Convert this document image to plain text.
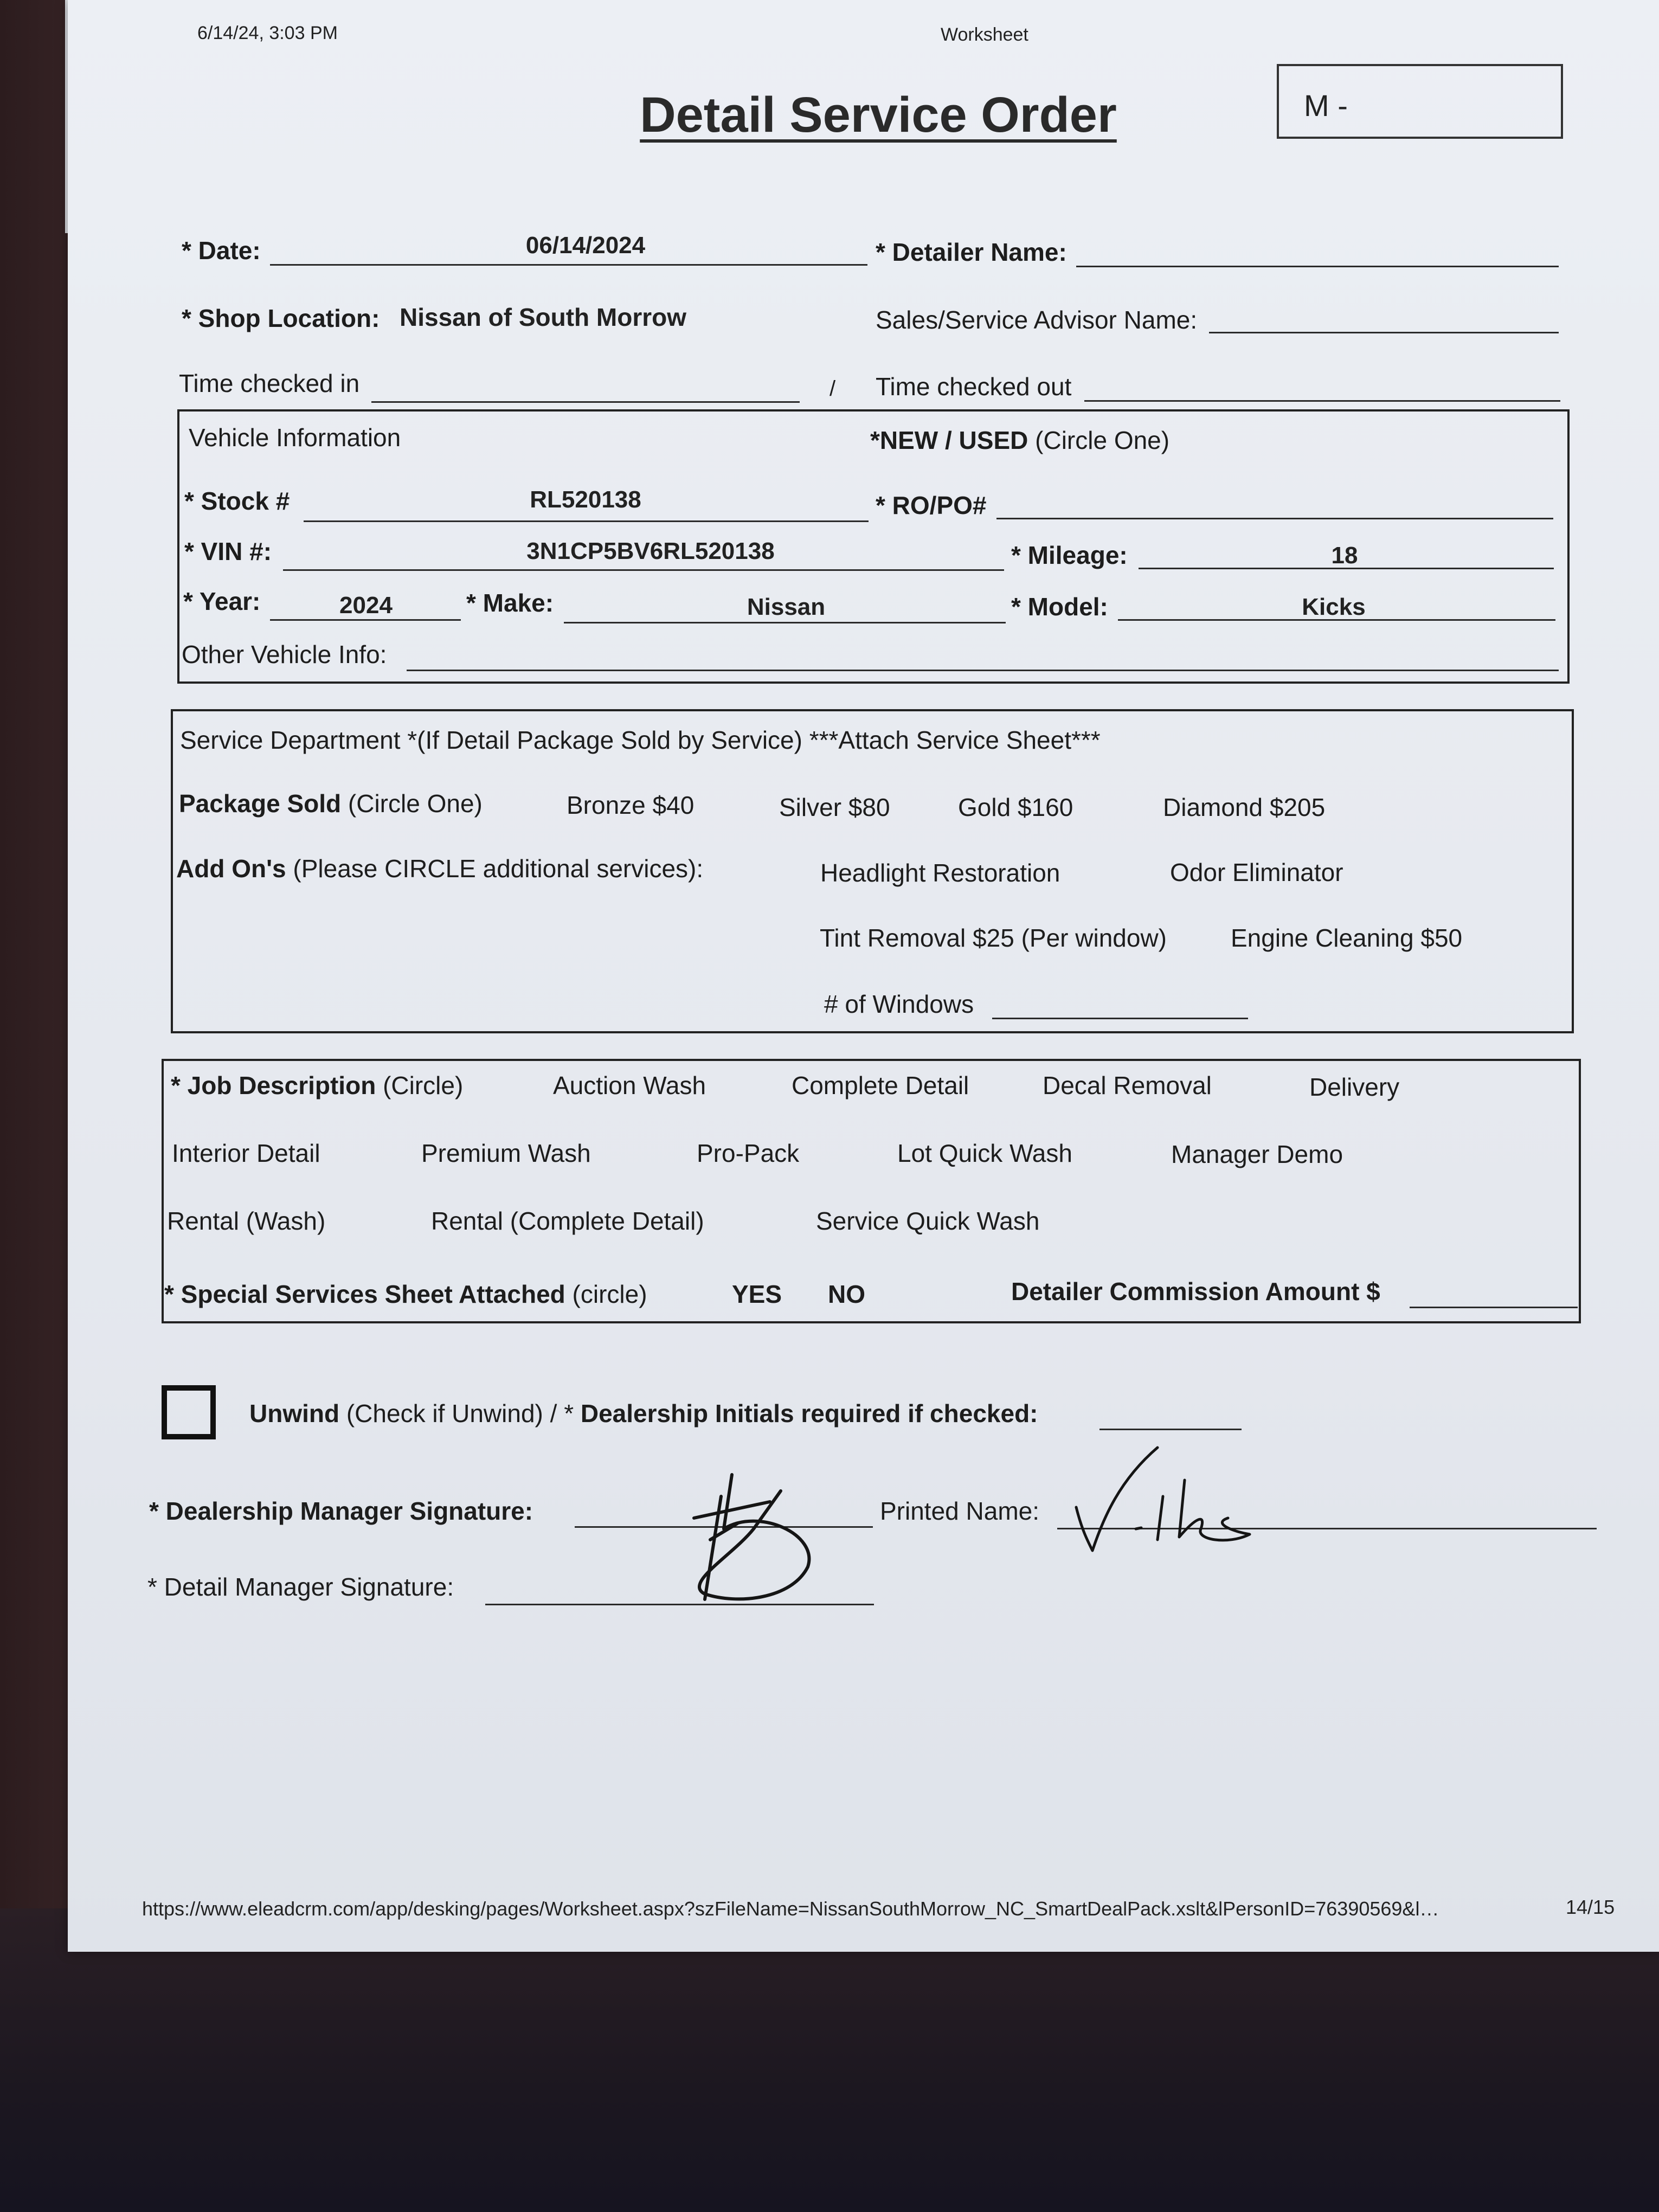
6/14/24, 3:03 PM	Worksheet
Detail Service Order	M -
* Date:	06/14/2024	* Detailer Name:
* Shop Location: Nissan of South Morrow	Sales/Service Advisor Name:
Time checked in	/ Time checked out
Vehicle Information	*NEW / USED (Circle One)
* Stock #	RL520138	* RO/PO#
* VIN #:	3N1CP5BV6RL520138	* Mileage:	18
* Year:	2024	* Make:	Nissan	* Model:	Kicks
Other Vehicle Info:
Service Department *(If Detail Package Sold by Service) ***Attach Service Sheet***
Package Sold (Circle One)	Bronze $40	Silver $80	Gold $160	Diamond $205
Add On's (Please CIRCLE additional services):	Headlight Restoration	Odor Eliminator
Tint Removal $25 (Per window)	Engine Cleaning $50
# of Windows
* Job Description (Circle)	Auction Wash	Complete Detail	Decal Removal	Delivery
Interior Detail	Premium Wash	Pro-Pack	Lot Quick Wash	Manager Demo
Rental (Wash)	Rental (Complete Detail)	Service Quick Wash
* Special Services Sheet Attached (circle)	YES NO	Detailer Commission Amount $
Unwind (Check if Unwind) / * Dealership Initials required if checked:
* Dealership Manager Signature:	Printed Name:
* Detail Manager Signature:
https://www.eleadcrm.com/app/desking/pages/Worksheet.aspx?szFileName=NissanSouthMorrow_NC_SmartDealPack.xslt&lPersonID=76390569&l…	14/15
